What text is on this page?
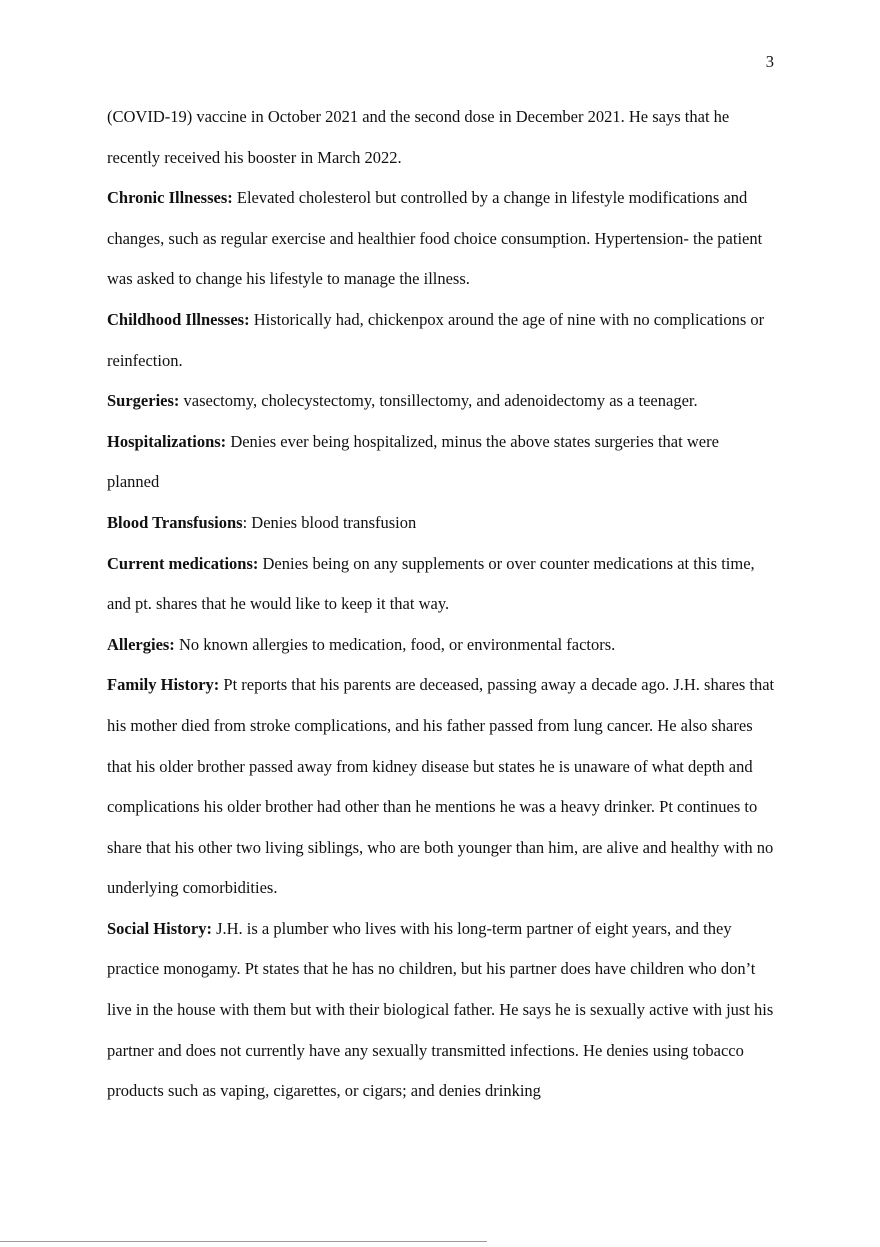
3

(COVID-19) vaccine in October 2021 and the second dose in December 2021. He says that he recently received his booster in March 2022.

Chronic Illnesses: Elevated cholesterol but controlled by a change in lifestyle modifications and changes, such as regular exercise and healthier food choice consumption. Hypertension- the patient was asked to change his lifestyle to manage the illness.

Childhood Illnesses: Historically had, chickenpox around the age of nine with no complications or reinfection.

Surgeries: vasectomy, cholecystectomy, tonsillectomy, and adenoidectomy as a teenager.

Hospitalizations: Denies ever being hospitalized, minus the above states surgeries that were planned

Blood Transfusions: Denies blood transfusion

Current medications: Denies being on any supplements or over counter medications at this time, and pt. shares that he would like to keep it that way.

Allergies: No known allergies to medication, food, or environmental factors.

Family History: Pt reports that his parents are deceased, passing away a decade ago. J.H. shares that his mother died from stroke complications, and his father passed from lung cancer. He also shares that his older brother passed away from kidney disease but states he is unaware of what depth and complications his older brother had other than he mentions he was a heavy drinker. Pt continues to share that his other two living siblings, who are both younger than him, are alive and healthy with no underlying comorbidities.

Social History: J.H. is a plumber who lives with his long-term partner of eight years, and they practice monogamy. Pt states that he has no children, but his partner does have children who don’t live in the house with them but with their biological father. He says he is sexually active with just his partner and does not currently have any sexually transmitted infections. He denies using tobacco products such as vaping, cigarettes, or cigars; and denies drinking
